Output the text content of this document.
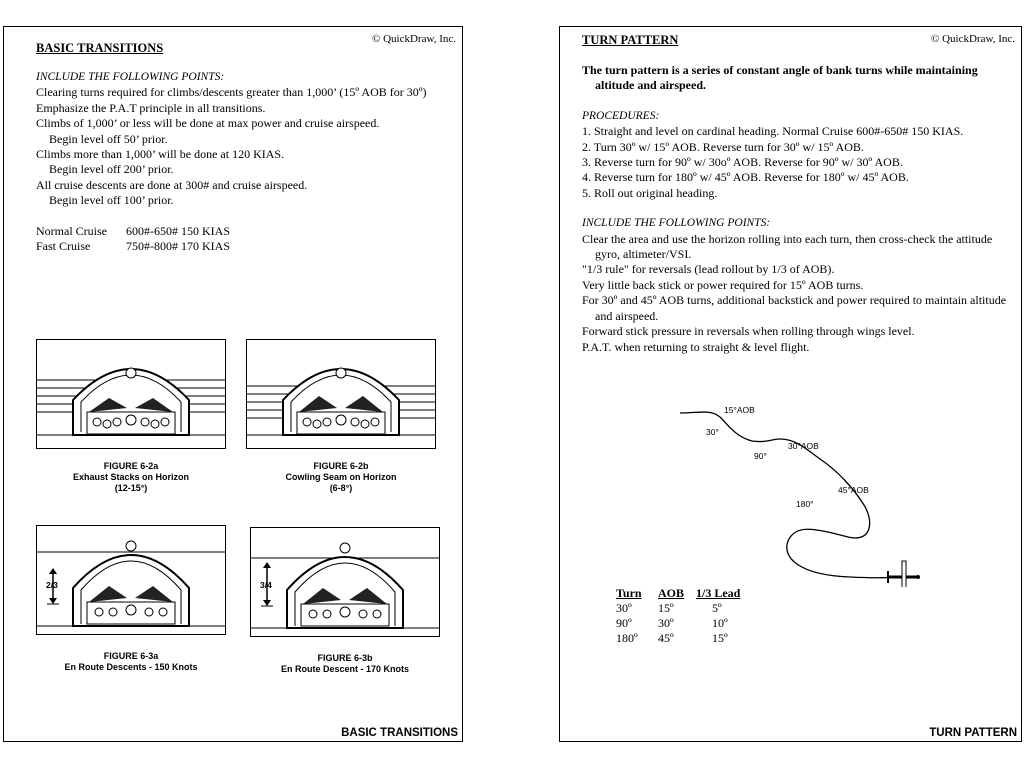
© QuickDraw, Inc.
BASIC TRANSITIONS

INCLUDE THE FOLLOWING POINTS:

Clearing turns required for climbs/descents greater than 1,000’ (15º AOB for 30º)

Emphasize the P.A.T principle in all transitions.

Climbs of 1,000’ or less will be done at max power and cruise airspeed.

Begin level off 50’ prior.

Climbs more than 1,000’ will be done at 120 KIAS.

Begin level off 200’ prior.

All cruise descents are done at 300# and cruise airspeed.

Begin level off 100’ prior.

Normal Cruise	600#-650# 150 KIAS
Fast Cruise	750#-800# 170 KIAS
FIGURE 6-2a
Exhaust Stacks on Horizon
(12-15°)
FIGURE 6-2b
Cowling Seam on Horizon
(6-8°)
2/3
FIGURE 6-3a
En Route Descents - 150 Knots
3/4
FIGURE 6-3b
En Route Descent - 170 Knots
BASIC TRANSITIONS
© QuickDraw, Inc.
TURN PATTERN

The turn pattern is a series of constant angle of bank turns while maintaining altitude and airspeed.

PROCEDURES:

1. Straight and level on cardinal heading. Normal Cruise 600#-650# 150 KIAS.

2. Turn 30º w/ 15º AOB. Reverse turn for 30º w/ 15º AOB.

3. Reverse turn for 90º w/ 30oº AOB. Reverse for 90º w/ 30º AOB.

4. Reverse turn for 180º w/ 45º AOB. Reverse for 180º w/ 45º AOB.

5. Roll out original heading.

INCLUDE THE FOLLOWING POINTS:

Clear the area and use the horizon rolling into each turn, then cross-check the attitude gyro, altimeter/VSI.

"1/3 rule" for reversals (lead rollout by 1/3 of AOB).

Very little back stick or power required for 15º AOB turns.

For 30º and 45º AOB turns, additional backstick and power required to maintain altitude and airspeed.

Forward stick pressure in reversals when rolling through wings level.

P.A.T. when returning to straight & level flight.

15°AOB
30°
90°
30°AOB
45°AOB
180°
Turn	AOB	1/3 Lead
30º	15º	5º
90º	30º	10º
180º	45º	15º
TURN PATTERN
